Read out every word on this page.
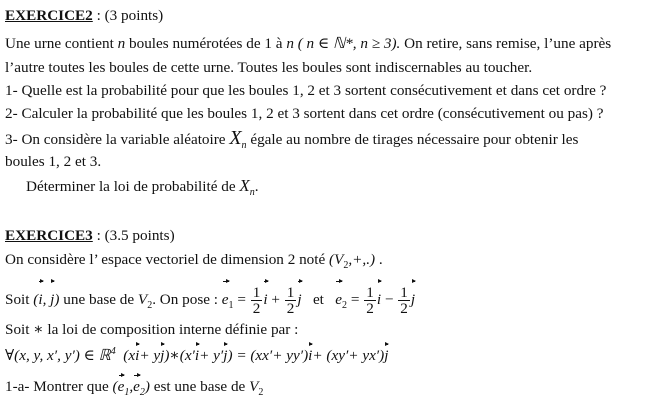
EXERCICE2 : (3 points)
Une urne contient n boules numérotées de 1 à n ( n ∈ ℕ*, n ≥ 3). On retire, sans remise, l’une après
l’autre toutes les boules de cette urne. Toutes les boules sont indiscernables au toucher.
1- Quelle est la probabilité pour que les boules 1, 2 et 3 sortent consécutivement et dans cet ordre ?
2- Calculer la probabilité que les boules 1, 2 et 3 sortent dans cet ordre (consécutivement ou pas) ?
3- On considère la variable aléatoire $X_n$ égale au nombre de tirages nécessaire pour obtenir les
boules 1, 2 et 3.
Déterminer la loi de probabilité de $X_n$.
EXERCICE3 : (3.5 points)
On considère l’ espace vectoriel de dimension 2 noté $(V_2,+,.)$ .
Soit (i, j) une base de $V_2$. On pose : $e_1 = \frac{1}{2}$ $i + \frac{1}{2}$ j et $e_2 = \frac{1}{2}$ $i - \frac{1}{2}$ j
Soit ∗ la loi de composition interne définie par :
∀(x, y, x′, y′) ∈ ℝ$^4$ (xi+ yj)∗(x′i+ y′j) = (xx′+ yy′)i+ (xy′+ yx′)j
1-a- Montrer que $(e_1,e_2)$ est une base de $V_2$
